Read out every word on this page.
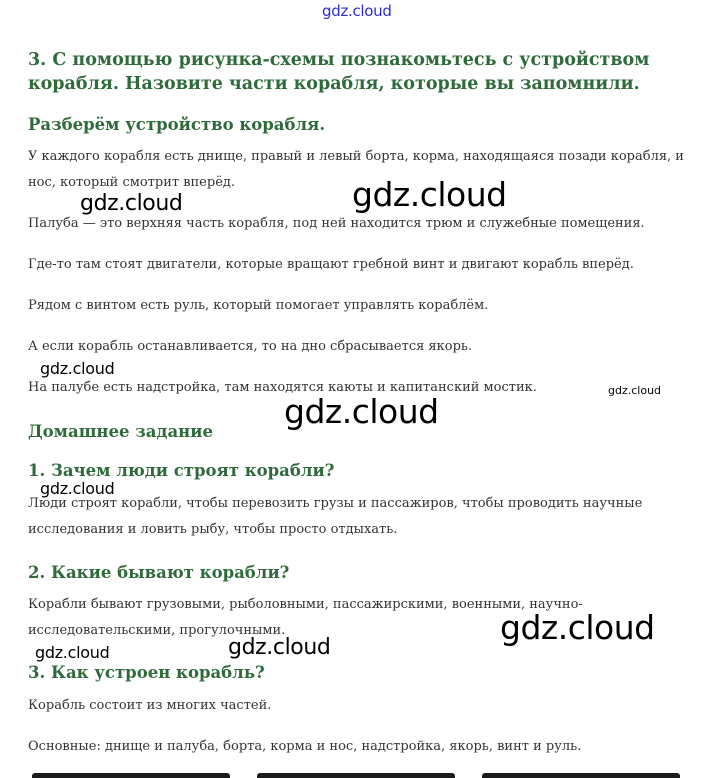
gdz.cloud
3. С помощью рисунка-схемы познакомьтесь с устройством корабля. Назовите части корабля, которые вы запомнили.
Разберём устройство корабля.

У каждого корабля есть днище, правый и левый борта, корма, находящаяся позади корабля, и нос, который смотрит вперёд.

Палуба — это верхняя часть корабля, под ней находится трюм и служебные помещения.

Где-то там стоят двигатели, которые вращают гребной винт и двигают корабль вперёд.

Рядом с винтом есть руль, который помогает управлять кораблём.

А если корабль останавливается, то на дно сбрасывается якорь.

На палубе есть надстройка, там находятся каюты и капитанский мостик.

Домашнее задание
1. Зачем люди строят корабли?

Люди строят корабли, чтобы перевозить грузы и пассажиров, чтобы проводить научные исследования и ловить рыбу, чтобы просто отдыхать.

2. Какие бывают корабли?

Корабли бывают грузовыми, рыболовными, пассажирскими, военными, научно-исследовательскими, прогулочными.

3. Как устроен корабль?

Корабль состоит из многих частей.

Основные: днище и палуба, борта, корма и нос, надстройка, якорь, винт и руль.

gdz.cloud
gdz.cloud
gdz.cloud
gdz.cloud
gdz.cloud
gdz.cloud
gdz.cloud
gdz.cloud	gdz.cloud
